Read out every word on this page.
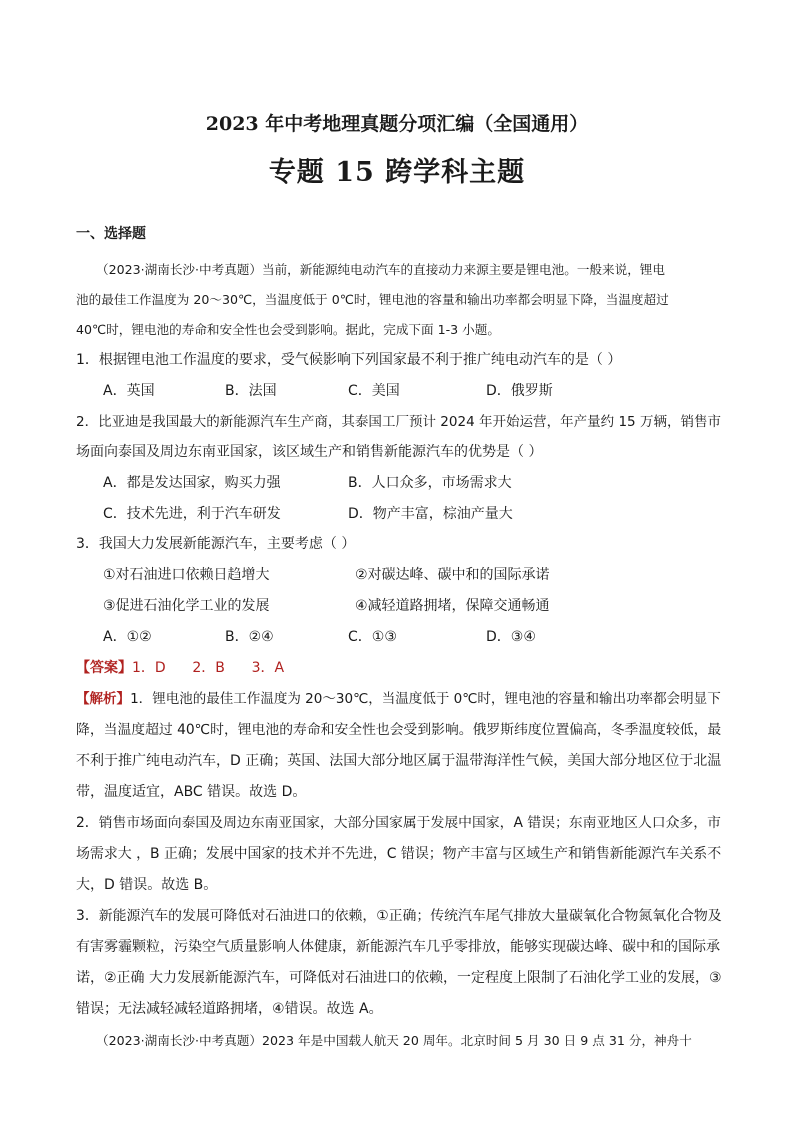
2023 年中考地理真题分项汇编（全国通用）
专题 15 跨学科主题
一、选择题
（2023·湖南长沙·中考真题）当前，新能源纯电动汽车的直接动力来源主要是锂电池。一般来说，锂电
池的最佳工作温度为 20～30℃，当温度低于 0℃时，锂电池的容量和输出功率都会明显下降，当温度超过
40℃时，锂电池的寿命和安全性也会受到影响。据此，完成下面 1-3 小题。
1．根据锂电池工作温度的要求，受气候影响下列国家最不利于推广纯电动汽车的是（ ）
A．英国	B．法国	C．美国	D．俄罗斯
2．比亚迪是我国最大的新能源汽车生产商，其泰国工厂预计 2024 年开始运营，年产量约 15 万辆，销售市
场面向泰国及周边东南亚国家，该区域生产和销售新能源汽车的优势是（ ）
A．都是发达国家，购买力强	B．人口众多，市场需求大
C．技术先进，利于汽车研发	D．物产丰富，棕油产量大
3．我国大力发展新能源汽车，主要考虑（ ）
①对石油进口依赖日趋增大	②对碳达峰、碳中和的国际承诺
③促进石油化学工业的发展	④减轻道路拥堵，保障交通畅通
A．①②	B．②④	C．①③	D．③④
【答案】1．D      2．B      3．A
【解析】1．锂电池的最佳工作温度为 20～30℃，当温度低于 0℃时，锂电池的容量和输出功率都会明显下
降，当温度超过 40℃时，锂电池的寿命和安全性也会受到影响。俄罗斯纬度位置偏高，冬季温度较低，最
不利于推广纯电动汽车，D 正确；英国、法国大部分地区属于温带海洋性气候，美国大部分地区位于北温
带，温度适宜，ABC 错误。故选 D。
2．销售市场面向泰国及周边东南亚国家，大部分国家属于发展中国家，A 错误；东南亚地区人口众多，市
场需求大 ，B 正确；发展中国家的技术并不先进，C 错误；物产丰富与区域生产和销售新能源汽车关系不
大，D 错误。故选 B。
3．新能源汽车的发展可降低对石油进口的依赖，①正确；传统汽车尾气排放大量碳氧化合物氮氧化合物及
有害雾霾颗粒，污染空气质量影响人体健康，新能源汽车几乎零排放，能够实现碳达峰、碳中和的国际承
诺，②正确 大力发展新能源汽车，可降低对石油进口的依赖，一定程度上限制了石油化学工业的发展，③
错误；无法减轻减轻道路拥堵，④错误。故选 A。
（2023·湖南长沙·中考真题）2023 年是中国载人航天 20 周年。北京时间 5 月 30 日 9 点 31 分，神舟十
